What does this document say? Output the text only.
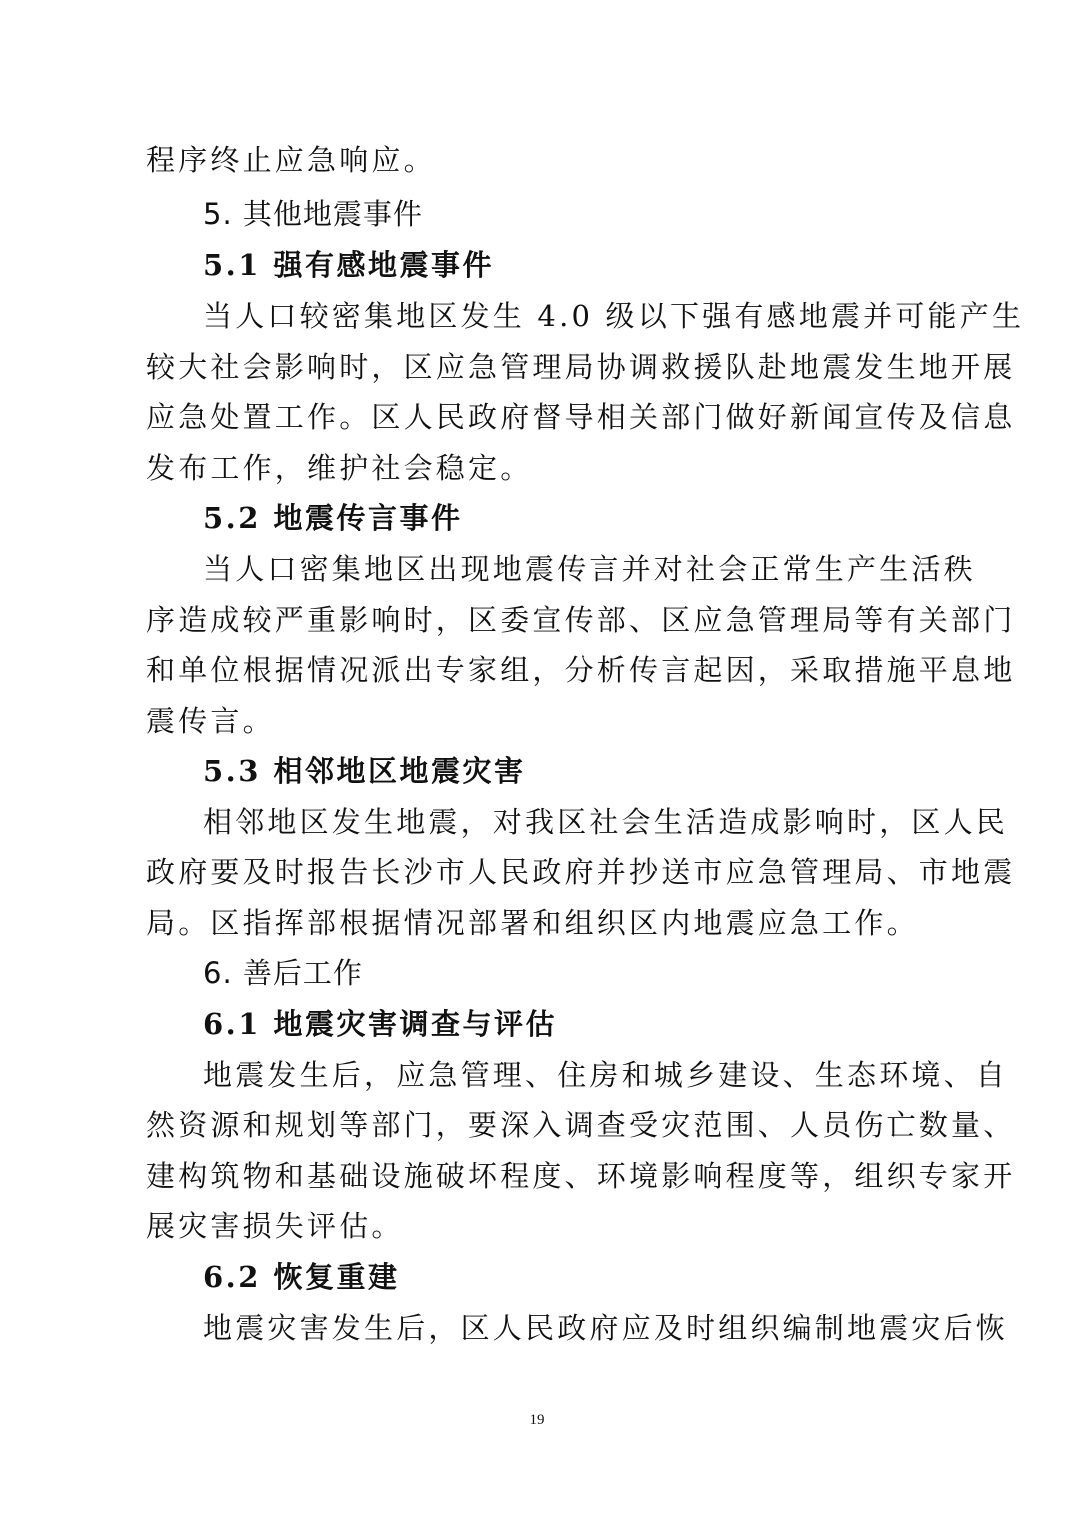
程序终止应急响应。
5. 其他地震事件
5.1 强有感地震事件
当人口较密集地区发生 4.0 级以下强有感地震并可能产生
较大社会影响时，区应急管理局协调救援队赴地震发生地开展
应急处置工作。区人民政府督导相关部门做好新闻宣传及信息
发布工作，维护社会稳定。
5.2 地震传言事件
当人口密集地区出现地震传言并对社会正常生产生活秩
序造成较严重影响时，区委宣传部、区应急管理局等有关部门
和单位根据情况派出专家组，分析传言起因，采取措施平息地
震传言。
5.3 相邻地区地震灾害
相邻地区发生地震，对我区社会生活造成影响时，区人民
政府要及时报告长沙市人民政府并抄送市应急管理局、市地震
局。区指挥部根据情况部署和组织区内地震应急工作。
6. 善后工作
6.1 地震灾害调查与评估
地震发生后，应急管理、住房和城乡建设、生态环境、自
然资源和规划等部门，要深入调查受灾范围、人员伤亡数量、
建构筑物和基础设施破坏程度、环境影响程度等，组织专家开
展灾害损失评估。
6.2 恢复重建
地震灾害发生后，区人民政府应及时组织编制地震灾后恢
19
